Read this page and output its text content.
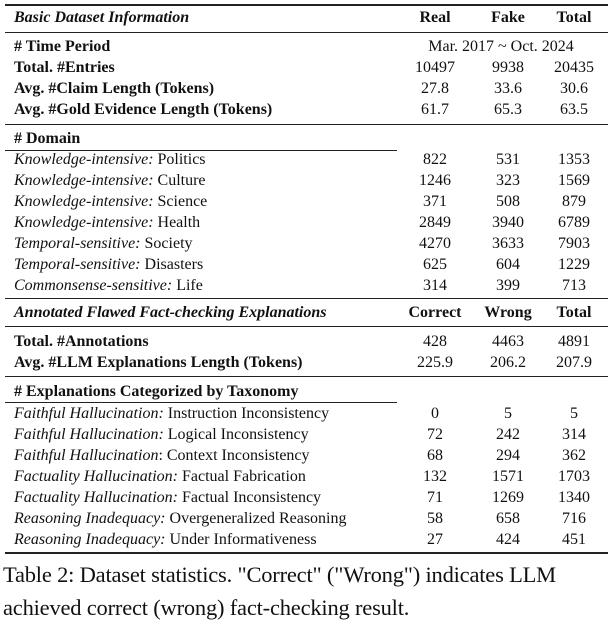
Basic Dataset Information	Real	Fake	Total
# Time Period	Mar. 2017 ~ Oct. 2024
Total. #Entries	10497	9938	20435
Avg. #Claim Length (Tokens)	27.8	33.6	30.6
Avg. #Gold Evidence Length (Tokens)	61.7	65.3	63.5
# Domain
Knowledge-intensive: Politics	822	531	1353
Knowledge-intensive: Culture	1246	323	1569
Knowledge-intensive: Science	371	508	879
Knowledge-intensive: Health	2849	3940	6789
Temporal-sensitive: Society	4270	3633	7903
Temporal-sensitive: Disasters	625	604	1229
Commonsense-sensitive: Life	314	399	713
Annotated Flawed Fact-checking Explanations	Correct	Wrong	Total
Total. #Annotations	428	4463	4891
Avg. #LLM Explanations Length (Tokens)	225.9	206.2	207.9
# Explanations Categorized by Taxonomy
Faithful Hallucination: Instruction Inconsistency	0	5	5
Faithful Hallucination: Logical Inconsistency	72	242	314
Faithful Hallucination: Context Inconsistency	68	294	362
Factuality Hallucination: Factual Fabrication	132	1571	1703
Factuality Hallucination: Factual Inconsistency	71	1269	1340
Reasoning Inadequacy: Overgeneralized Reasoning	58	658	716
Reasoning Inadequacy: Under Informativeness	27	424	451
Table 2: Dataset statistics. "Correct" ("Wrong") indicates LLM achieved correct (wrong) fact-checking result.
